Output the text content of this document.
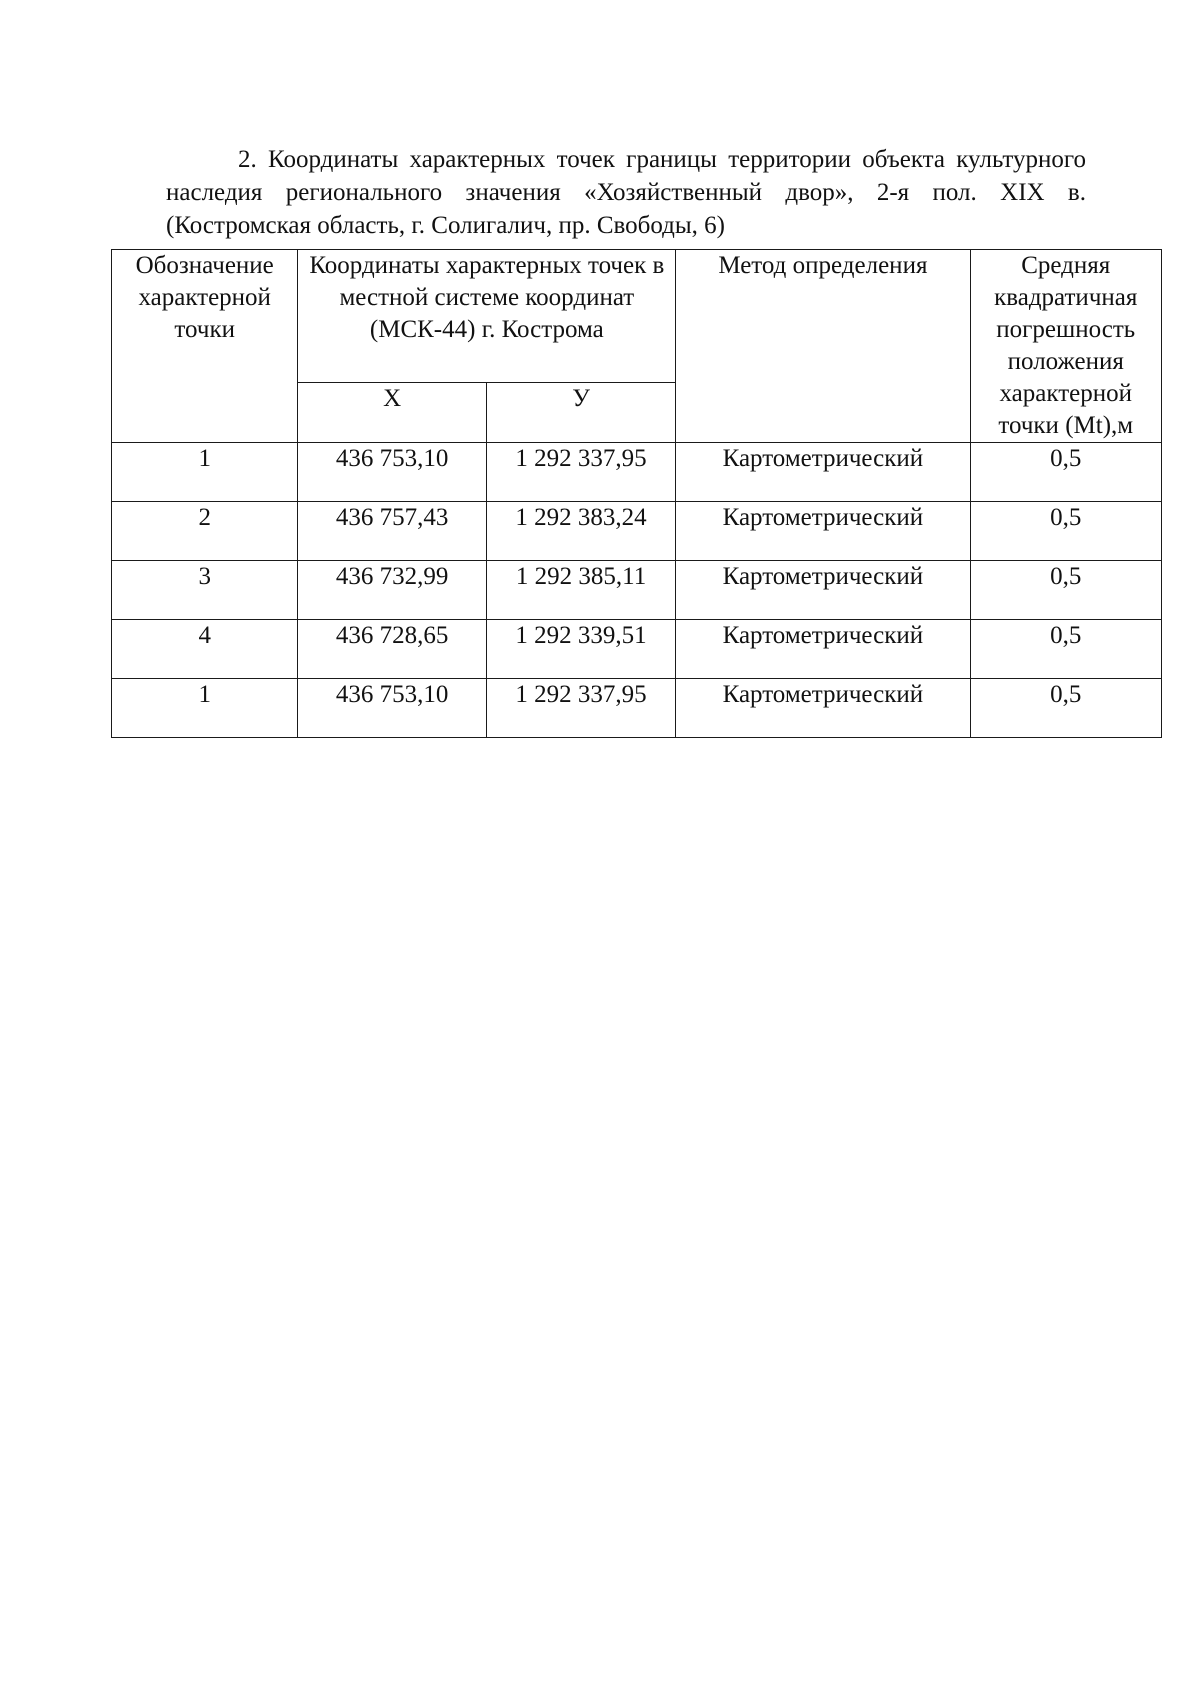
2. Координаты характерных точек границы территории объекта культурного наследия регионального значения «Хозяйственный двор», 2-я пол. XIX в. (Костромская область, г. Солигалич, пр. Свободы, 6)

Обозначение характерной точки	Координаты характерных точек в местной системе координат (МСК-44) г. Кострома		Метод определения	Средняя квадратичная погрешность положения характерной точки (Mt),м
	Х	У		
1	436 753,10	1 292 337,95	Картометрический	0,5
2	436 757,43	1 292 383,24	Картометрический	0,5
3	436 732,99	1 292 385,11	Картометрический	0,5
4	436 728,65	1 292 339,51	Картометрический	0,5
1	436 753,10	1 292 337,95	Картометрический	0,5
